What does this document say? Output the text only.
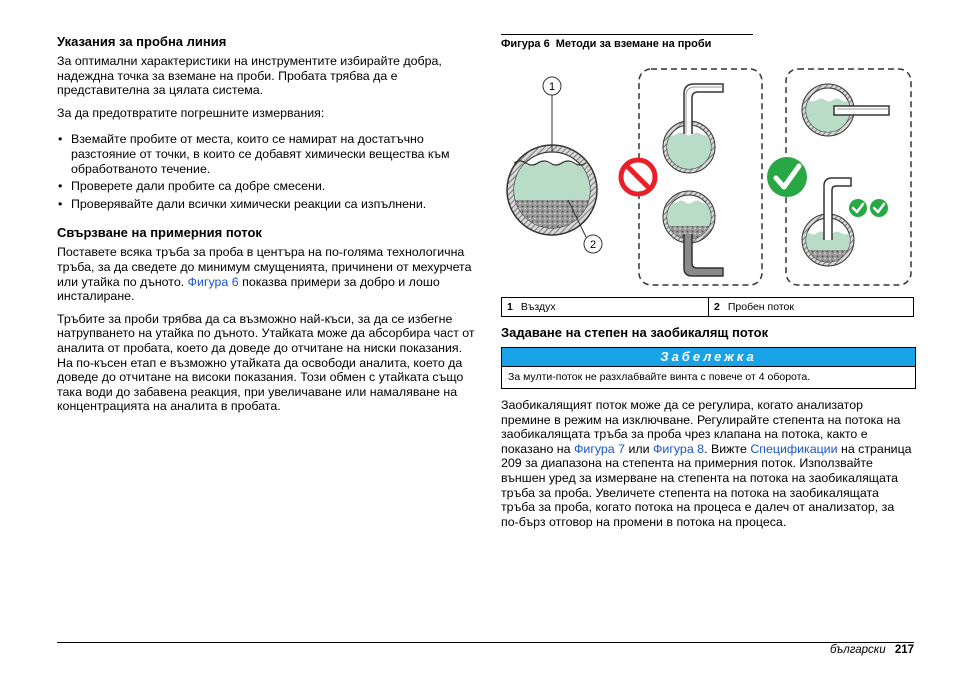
Указания за пробна линия

За оптимални характеристики на инструментите избирайте добра, надеждна точка за вземане на проби. Пробата трябва да е представителна за цялата система.

За да предотвратите погрешните измервания:

• Вземайте пробите от места, които се намират на достатъчно разстояние от точки, в които се добавят химически вещества към обработваното течение.
• Проверете дали пробите са добре смесени.
• Проверявайте дали всички химически реакции са изпълнени.
Свързване на примерния поток

Поставете всяка тръба за проба в центъра на по-голяма технологична тръба, за да сведете до минимум смущенията, причинени от мехурчета или утайка по дъното. Фигура 6 показва примери за добро и лошо инсталиране.

Тръбите за проби трябва да са възможно най-къси, за да се избегне натрупването на утайка по дъното. Утайката може да абсорбира част от аналита от пробата, което да доведе до отчитане на ниски показания. На по-късен етап е възможно утайката да освободи аналита, което да доведе до отчитане на високи показания. Този обмен с утайката също така води до забавена реакция, при увеличаване или намаляване на концентрацията на аналита в пробата.

Фигура 6 Методи за вземане на проби
1
2
1 Въздух	2 Пробен поток
Задаване на степен на заобикалящ поток
Забележка
За мулти-поток не разхлабвайте винта с повече от 4 оборота.

Заобикалящият поток може да се регулира, когато анализатор премине в режим на изключване. Регулирайте степента на потока на заобикалящата тръба за проба чрез клапана на потока, както е показано на Фигура 7 или Фигура 8. Вижте Спецификации на страница 209 за диапазона на степента на примерния поток. Използвайте външен уред за измерване на степента на потока на заобикалящата тръба за проба. Увеличете степента на потока на заобикалящата тръба за проба, когато потока на процеса е далеч от анализатор, за по-бърз отговор на промени в потока на процеса.

български 217
